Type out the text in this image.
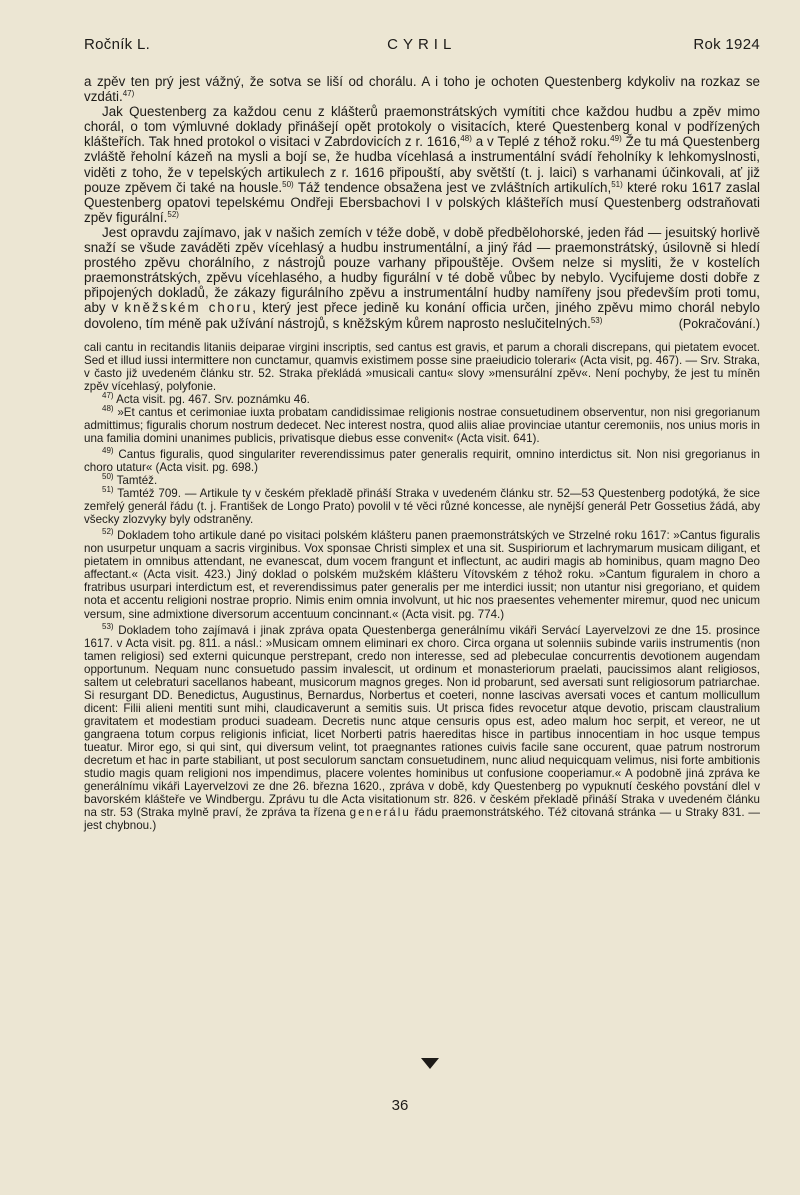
Ročník L.	CYRIL	Rok 1924

a zpěv ten prý jest vážný, že sotva se liší od chorálu. A i toho je ochoten Questenberg kdykoliv na rozkaz se vzdáti.$^{47)}$

Jak Questenberg za každou cenu z klášterů praemonstrátských vymítiti chce každou hudbu a zpěv mimo chorál, o tom výmluvné doklady přinášejí opět protokoly o visitacích, které Questenberg konal v podřízených klášteřích. Tak hned protokol o visitaci v Zabrdovicích z r. 1616,$^{48)}$ a v Teplé z téhož roku.$^{49)}$ Že tu má Questenberg zvláště řeholní kázeň na mysli a bojí se, že hudba vícehlasá a instrumentální svádí řeholníky k lehkomyslnosti, viděti z toho, že v tepelských artikulech z r. 1616 připouští, aby světští (t. j. laici) s varhanami účinkovali, ať již pouze zpěvem či také na housle.$^{50)}$ Táž tendence obsažena jest ve zvláštních artikulích,$^{51)}$ které roku 1617 zaslal Questenberg opatovi tepelskému Ondřeji Ebersbachovi I v polských klášteřích musí Questenberg odstraňovati zpěv figurální.$^{52)}$

Jest opravdu zajímavo, jak v našich zemích v téže době, v době předbělohorské, jeden řád — jesuitský horlivě snaží se všude zaváděti zpěv vícehlasý a hudbu instrumentální, a jiný řád — praemonstrátský, úsilovně si hledí prostého zpěvu chorálního, z nástrojů pouze varhany připouštěje. Ovšem nelze si mysliti, že v kostelích praemonstrátských, zpěvu vícehlasého, a hudby figurální v té době vůbec by nebylo. Vycifujeme dosti dobře z připojených dokladů, že zákazy figurálního zpěvu a instrumentální hudby namířeny jsou především proti tomu, aby v kněžském choru, který jest přece jedině ku konání officia určen, jiného zpěvu mimo chorál nebylo dovoleno, tím méně pak užívání nástrojů, s kněžským kůrem naprosto neslučitelných.$^{53)}$	(Pokračování.)

cali cantu in recitandis litaniis deiparae virgini inscriptis, sed cantus est gravis, et parum a chorali discrepans, qui pietatem evocet. Sed et illud iussi intermittere non cunctamur, quamvis existimem posse sine praeiudicio tolerari« (Acta visit, pg. 467). — Srv. Straka, v často již uvedeném článku str. 52. Straka překládá »musicali cantu« slovy »mensurální zpěv«. Není pochyby, že jest tu míněn zpěv vícehlasý, polyfonie.

$^{47)}$ Acta visit. pg. 467. Srv. poznámku 46.

$^{48)}$ »Et cantus et cerimoniae iuxta probatam candidissimae religionis nostrae consuetudinem observentur, non nisi gregorianum admittimus; figuralis chorum nostrum dedecet. Nec interest nostra, quod aliis aliae provinciae utantur ceremoniis, nos unius moris in una familia domini unanimes publicis, privatisque diebus esse convenit« (Acta visit. 641).

$^{49)}$ Cantus figuralis, quod singulariter reverendissimus pater generalis requirit, omnino interdictus sit. Non nisi gregorianus in choro utatur« (Acta visit. pg. 698.)

$^{50)}$ Tamtéž.

$^{51)}$ Tamtéž 709. — Artikule ty v českém překladě přináší Straka v uvedeném článku str. 52—53 Questenberg podotýká, že sice zemřelý generál řádu (t. j. František de Longo Prato) povolil v té věci různé koncesse, ale nynější generál Petr Gossetius žádá, aby všecky zlozvyky byly odstraněny.

$^{52)}$ Dokladem toho artikule dané po visitaci polském klášteru panen praemonstrátských ve Strzelné roku 1617: »Cantus figuralis non usurpetur unquam a sacris virginibus. Vox sponsae Christi simplex et una sit. Suspiriorum et lachrymarum musicam diligant, et pietatem in omnibus attendant, ne evanescat, dum vocem frangunt et inflectunt, ac audiri magis ab hominibus, quam magno Deo affectant.« (Acta visit. 423.) Jiný doklad o polském mužském klášteru Vítovském z téhož roku. »Cantum figuralem in choro a fratribus usurpari interdictum est, et reverendissimus pater generalis per me interdici iussit; non utantur nisi gregoriano, et quidem nota et accentu religioni nostrae proprio. Nimis enim omnia involvunt, ut hic nos praesentes vehementer miremur, quod nec unicum versum, sine admixtione diversorum accentuum concinnant.« (Acta visit. pg. 774.)

$^{53)}$ Dokladem toho zajímavá i jinak zpráva opata Questenberga generálnímu vikáři Servácí Layervelzovi ze dne 15. prosince 1617. v Acta visit. pg. 811. a násl.: »Musicam omnem eliminari ex choro. Circa organa ut solenniis subinde variis instrumentis (non tamen religiosi) sed externi quicunque perstrepant, credo non interesse, sed ad plebeculae concurrentis devotionem augendam opportunum. Nequam nunc consuetudo passim invalescit, ut ordinum et monasteriorum praelati, paucissimos alant religiosos, saltem ut celebraturi sacellanos habeant, musicorum magnos greges. Non id probarunt, sed aversati sunt religiosorum patriarchae. Si resurgant DD. Benedictus, Augustinus, Bernardus, Norbertus et coeteri, nonne lascivas aversati voces et cantum mollicullum dicent: Filii alieni mentiti sunt mihi, claudicaverunt a semitis suis. Ut prisca fides revocetur atque devotio, priscam claustralium gravitatem et modestiam produci suadeam. Decretis nunc atque censuris opus est, adeo malum hoc serpit, et vereor, ne ut gangraena totum corpus religionis inficiat, licet Norberti patris haereditas hisce in partibus innocentiam in hoc usque tempus tueatur. Miror ego, si qui sint, qui diversum velint, tot praegnantes rationes cuivis facile sane occurent, quae patrum nostrorum decretum et hac in parte stabiliant, ut post seculorum sanctam consuetudinem, nunc aliud nequicquam velimus, nisi forte ambitionis studio magis quam religioni nos impendimus, placere volentes hominibus ut confusione cooperiamur.« A podobně jiná zpráva ke generálnímu vikáři Layervelzovi ze dne 26. března 1620., zpráva v době, kdy Questenberg po vypuknutí českého povstání dlel v bavorském klášteře ve Windbergu. Zprávu tu dle Acta visitationum str. 826. v českém překladě přináší Straka v uvedeném článku na str. 53 (Straka mylně praví, že zpráva ta řízena generálu řádu praemonstrátského. Též citovaná stránka — u Straky 831. — jest chybnou.)

36
